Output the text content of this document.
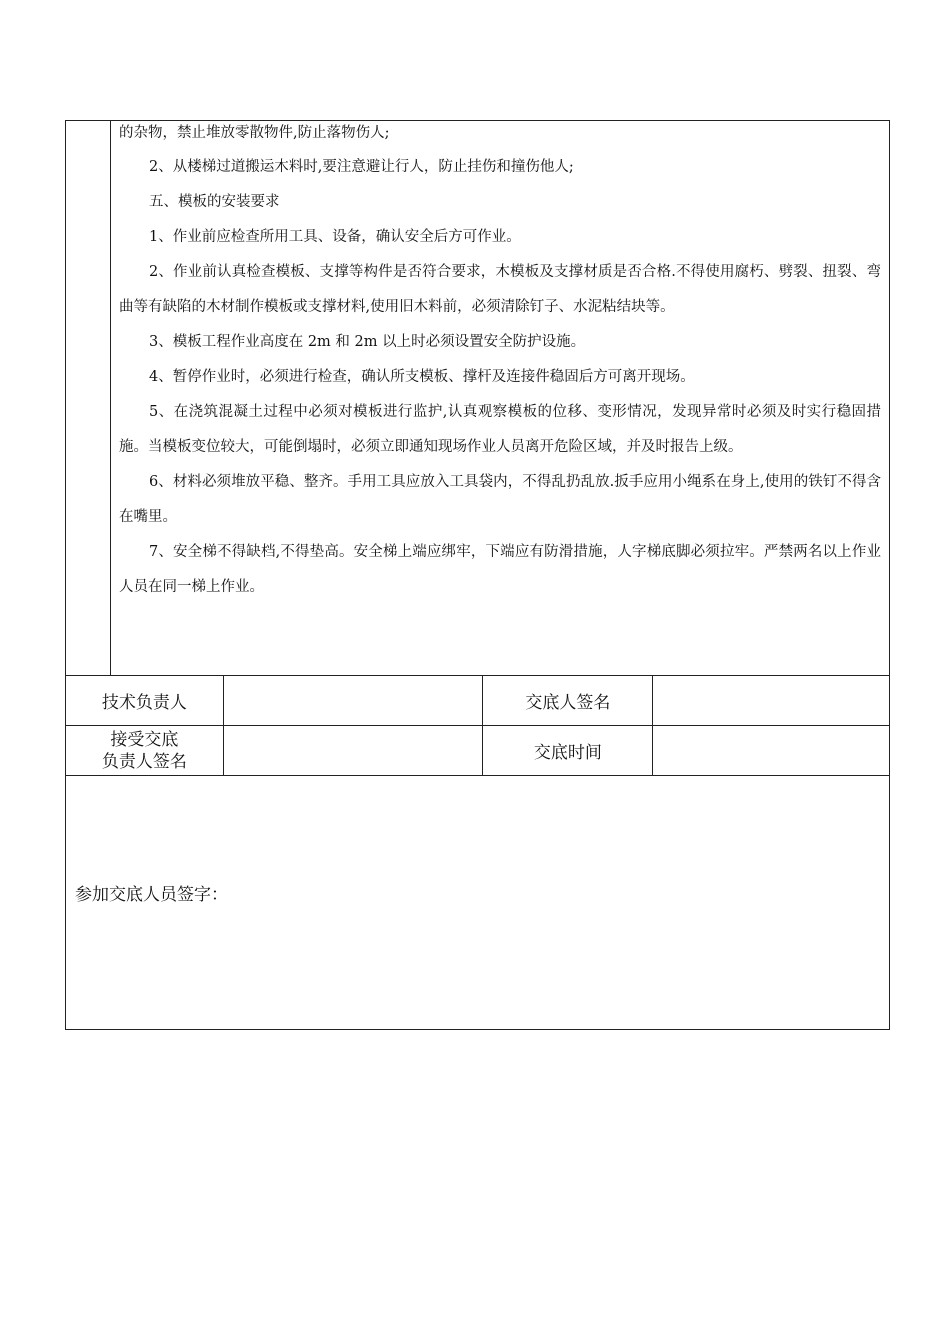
的杂物，禁止堆放零散物件,防止落物伤人;

2、从楼梯过道搬运木料时,要注意避让行人，防止挂伤和撞伤他人;

五、模板的安装要求

1、作业前应检查所用工具、设备，确认安全后方可作业。

2、作业前认真检查模板、支撑等构件是否符合要求，木模板及支撑材质是否合格.不得使用腐朽、劈裂、扭裂、弯曲等有缺陷的木材制作模板或支撑材料,使用旧木料前，必须清除钉子、水泥粘结块等。

3、模板工程作业高度在 2m 和 2m 以上时必须设置安全防护设施。

4、暂停作业时，必须进行检查，确认所支模板、撑杆及连接件稳固后方可离开现场。

5、在浇筑混凝土过程中必须对模板进行监护,认真观察模板的位移、变形情况，发现异常时必须及时实行稳固措施。当模板变位较大，可能倒塌时，必须立即通知现场作业人员离开危险区域，并及时报告上级。

6、材料必须堆放平稳、整齐。手用工具应放入工具袋内，不得乱扔乱放.扳手应用小绳系在身上,使用的铁钉不得含在嘴里。

7、安全梯不得缺档,不得垫高。安全梯上端应绑牢，下端应有防滑措施，人字梯底脚必须拉牢。严禁两名以上作业人员在同一梯上作业。

技术负责人		交底人签名	

接受交底
负责人签名		交底时间	
参加交底人员签字：
